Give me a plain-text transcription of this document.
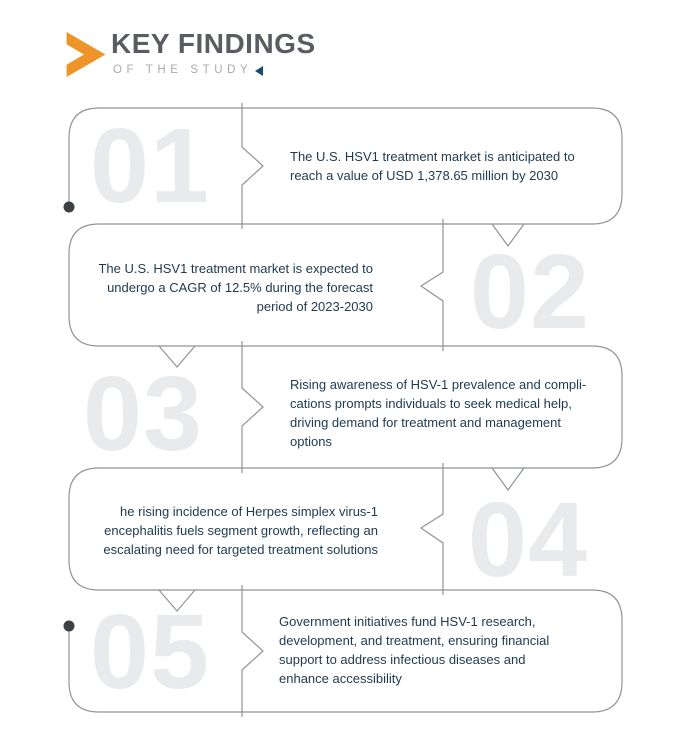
KEY FINDINGS
OF THE STUDY
01
02
03
04
05
The U.S. HSV1 treatment market is anticipated to
reach a value of USD 1,378.65 million by 2030
The U.S. HSV1 treatment market is expected to
undergo a CAGR of 12.5% during the forecast
period of 2023-2030
Rising awareness of HSV-1 prevalence and compli-
cations prompts individuals to seek medical help,
driving demand for treatment and management
options
he rising incidence of Herpes simplex virus-1
encephalitis fuels segment growth, reflecting an
escalating need for targeted treatment solutions
Government initiatives fund HSV-1 research,
development, and treatment, ensuring financial
support to address infectious diseases and
enhance accessibility
